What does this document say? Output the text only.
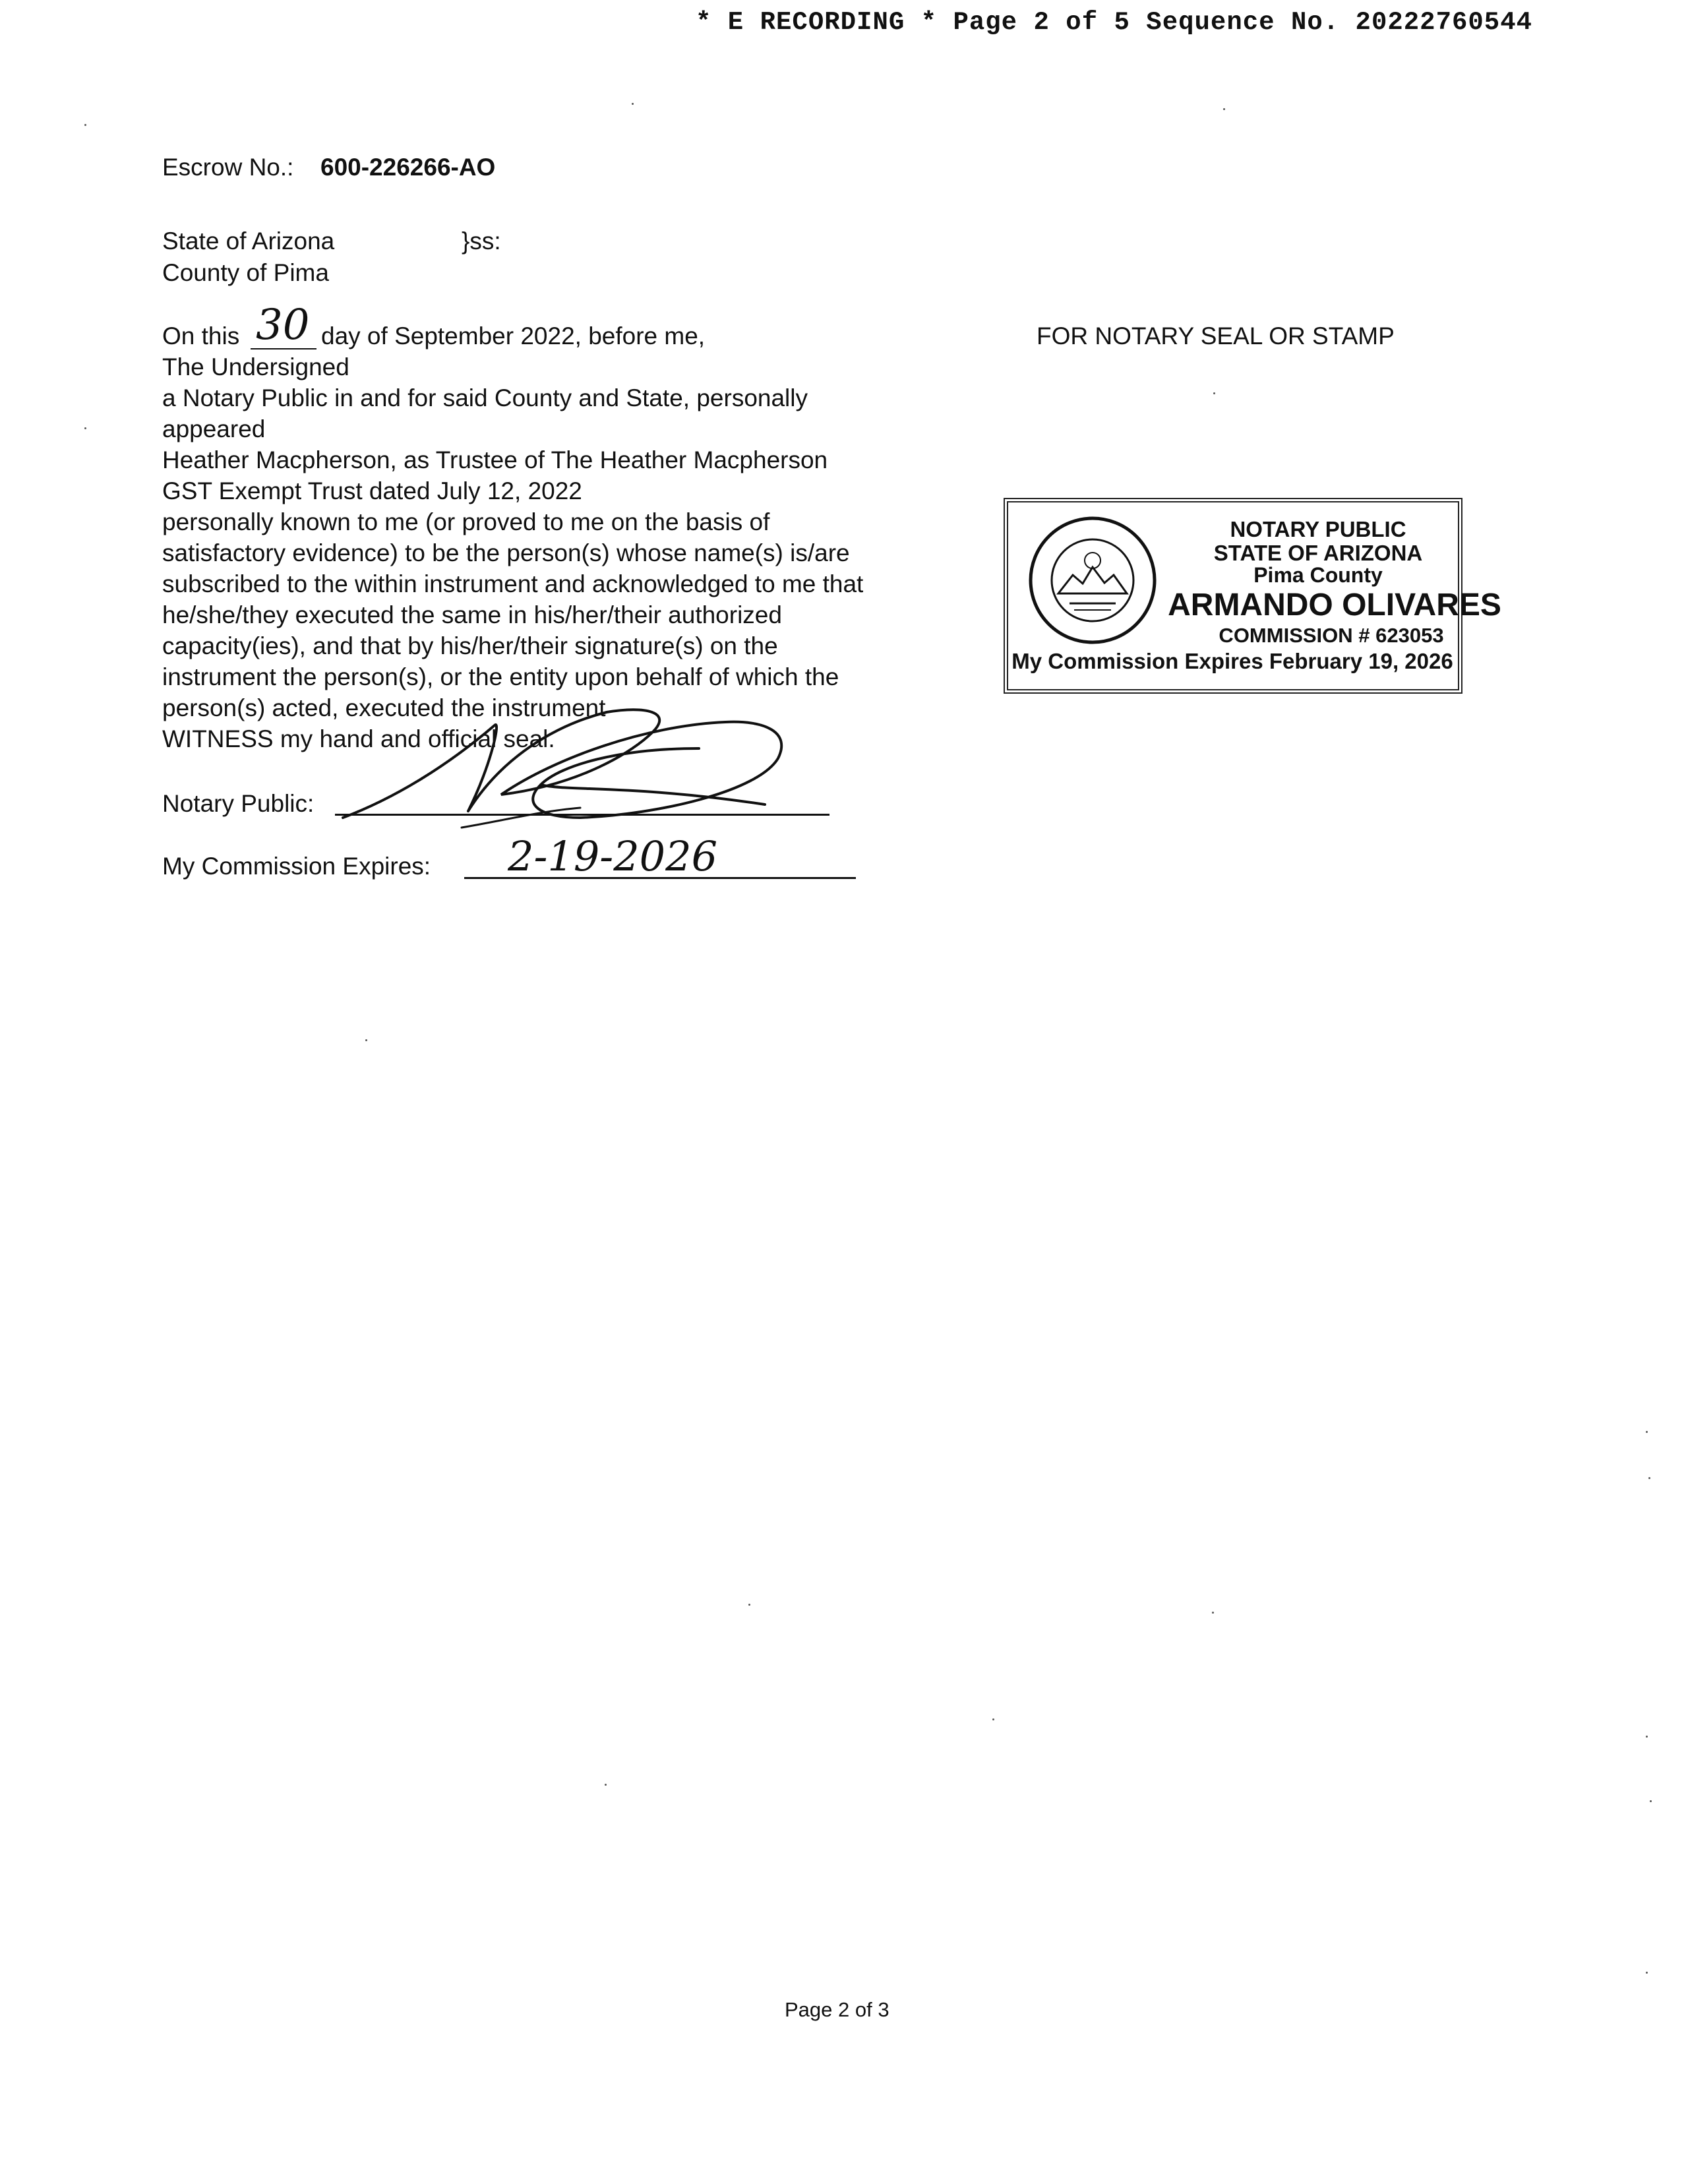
* E RECORDING * Page 2 of 5 Sequence No. 20222760544
Escrow No.: 600-226266-AO
State of Arizona	}ss:
County of Pima
On this 30 day of September 2022, before me,
The Undersigned
a Notary Public in and for said County and State, personally
appeared
Heather Macpherson, as Trustee of The Heather Macpherson
GST Exempt Trust dated July 12, 2022
personally known to me (or proved to me on the basis of
satisfactory evidence) to be the person(s) whose name(s) is/are
subscribed to the within instrument and acknowledged to me that
he/she/they executed the same in his/her/their authorized
capacity(ies), and that by his/her/their signature(s) on the
instrument the person(s), or the entity upon behalf of which the
person(s) acted, executed the instrument
WITNESS my hand and official seal.
Notary Public:
My Commission Expires: 2-19-2026
FOR NOTARY SEAL OR STAMP
NOTARY PUBLIC
STATE OF ARIZONA
Pima County
ARMANDO OLIVARES
COMMISSION # 623053
My Commission Expires February 19, 2026
Page 2 of 3
